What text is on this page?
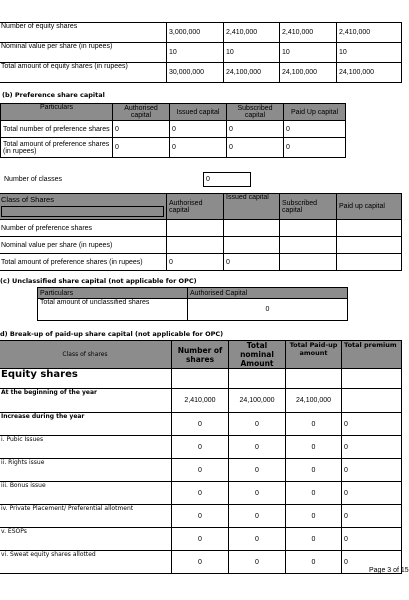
Number of equity shares	3,000,000	2,410,000	2,410,000	2,410,000
Nominal value per share (in rupees)	10	10	10	10
Total amount of equity shares (in rupees)	30,000,000	24,100,000	24,100,000	24,100,000
(b) Preference share capital
Particulars	Authorised capital	Issued capital	Subscribed capital	Paid Up capital
Total number of preference shares	0	0	0	0
Total amount of preference shares (in rupees)	0	0	0	0
Number of classes	0
Class of Shares	Authorised capital	Issued capital	Subscribed capital	Paid up capital
Number of preference shares				
Nominal value per share (in rupees)				
Total amount of preference shares (in rupees)	0	0		
(c) Unclassified share capital (not applicable for OPC)
Particulars	Authorised Capital
Total amount of unclassified shares	0
d) Break-up of paid-up share capital (not applicable for OPC)
Class of shares	Number of shares	Total nominal Amount	Total Paid-up amount	Total premium
Equity shares				
At the beginning of the year	2,410,000	24,100,000	24,100,000	
Increase during the year	0	0	0	0
i. Pubic Issues	0	0	0	0
ii. Rights issue	0	0	0	0
iii. Bonus issue	0	0	0	0
iv. Private Placement/ Preferential allotment	0	0	0	0
v. ESOPs	0	0	0	0
vi. Sweat equity shares allotted	0	0	0	0
Page 3 of 15
